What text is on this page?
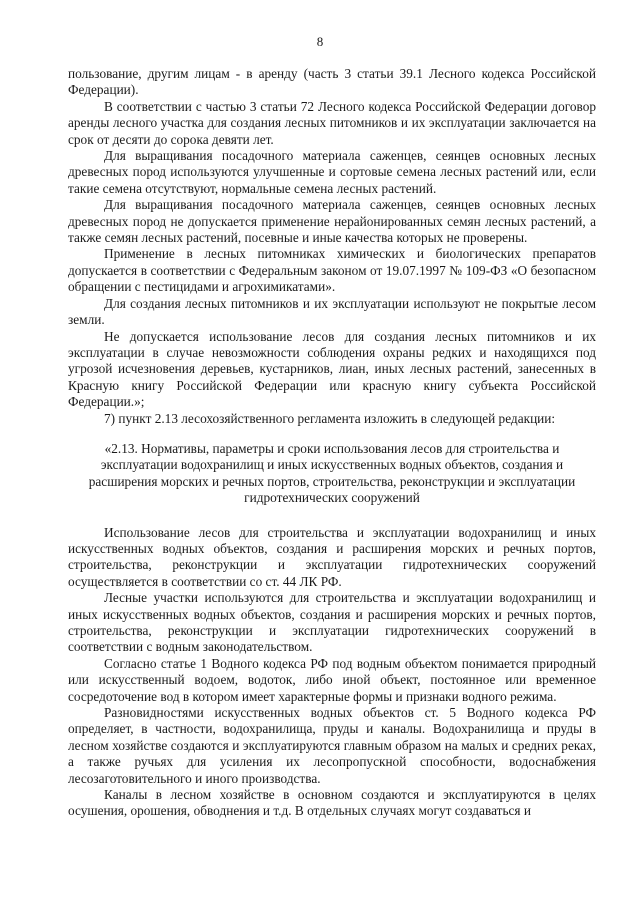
8

пользование, другим лицам - в аренду (часть 3 статьи 39.1 Лесного кодекса Российской Федерации).

В соответствии с частью 3 статьи 72 Лесного кодекса Российской Федерации договор аренды лесного участка для создания лесных питомников и их эксплуатации заключается на срок от десяти до сорока девяти лет.

Для выращивания посадочного материала саженцев, сеянцев основных лесных древесных пород используются улучшенные и сортовые семена лесных растений или, если такие семена отсутствуют, нормальные семена лесных растений.

Для выращивания посадочного материала саженцев, сеянцев основных лесных древесных пород не допускается применение нерайонированных семян лесных растений, а также семян лесных растений, посевные и иные качества которых не проверены.

Применение в лесных питомниках химических и биологических препаратов допускается в соответствии с Федеральным законом от 19.07.1997 № 109-ФЗ «О безопасном обращении с пестицидами и агрохимикатами».

Для создания лесных питомников и их эксплуатации используют не покрытые лесом земли.

Не допускается использование лесов для создания лесных питомников и их эксплуатации в случае невозможности соблюдения охраны редких и находящихся под угрозой исчезновения деревьев, кустарников, лиан, иных лесных растений, занесенных в Красную книгу Российской Федерации или красную книгу субъекта Российской Федерации.»;

7) пункт 2.13 лесохозяйственного регламента изложить в следующей редакции:

«2.13. Нормативы, параметры и сроки использования лесов для строительства и эксплуатации водохранилищ и иных искусственных водных объектов, создания и расширения морских и речных портов, строительства, реконструкции и эксплуатации гидротехнических сооружений

Использование лесов для строительства и эксплуатации водохранилищ и иных искусственных водных объектов, создания и расширения морских и речных портов, строительства, реконструкции и эксплуатации гидротехнических сооружений осуществляется в соответствии со ст. 44 ЛК РФ.

Лесные участки используются для строительства и эксплуатации водохранилищ и иных искусственных водных объектов, создания и расширения морских и речных портов, строительства, реконструкции и эксплуатации гидротехнических сооружений в соответствии с водным законодательством.

Согласно статье 1 Водного кодекса РФ под водным объектом понимается природный или искусственный водоем, водоток, либо иной объект, постоянное или временное сосредоточение вод в котором имеет характерные формы и признаки водного режима.

Разновидностями искусственных водных объектов ст. 5 Водного кодекса РФ определяет, в частности, водохранилища, пруды и каналы. Водохранилища и пруды в лесном хозяйстве создаются и эксплуатируются главным образом на малых и средних реках, а также ручьях для усиления их лесопропускной способности, водоснабжения лесозаготовительного и иного производства.

Каналы в лесном хозяйстве в основном создаются и эксплуатируются в целях осушения, орошения, обводнения и т.д. В отдельных случаях могут создаваться и
